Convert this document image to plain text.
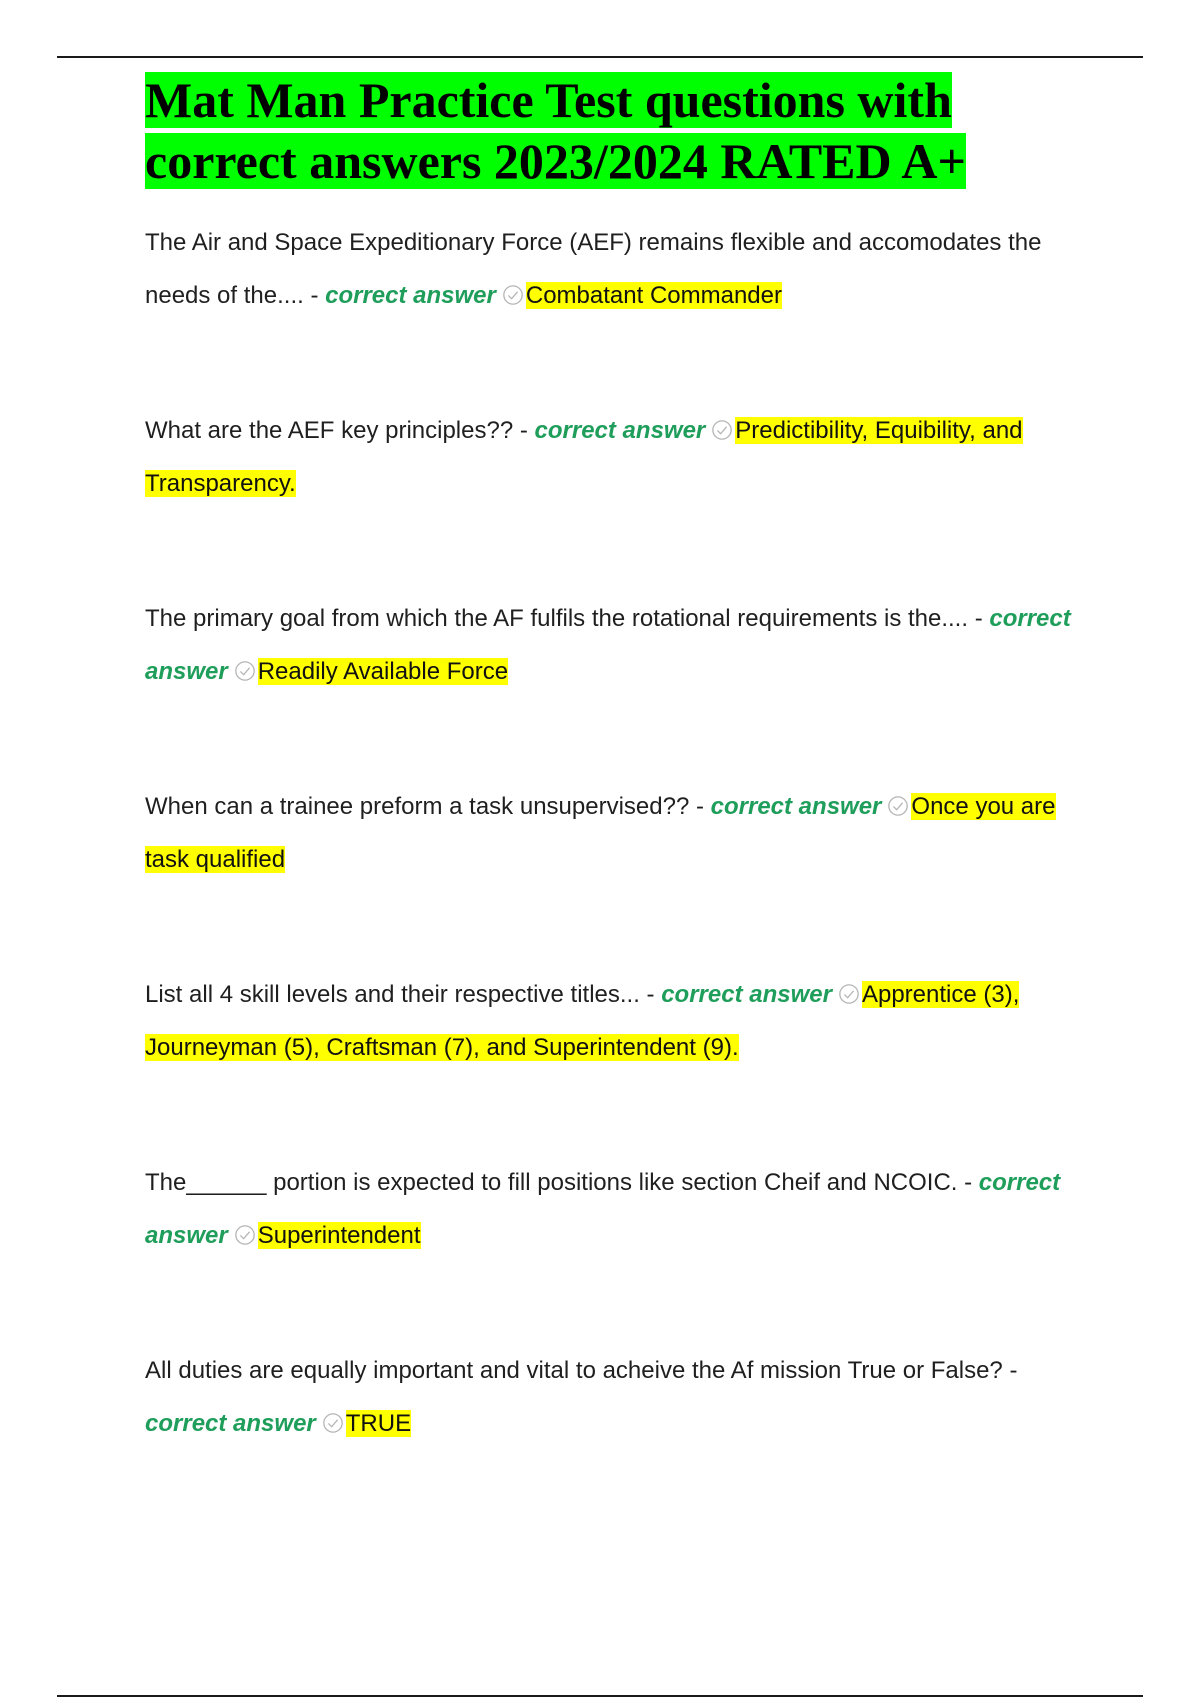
Mat Man Practice Test questions with
correct answers 2023/2024 RATED A+
The Air and Space Expeditionary Force (AEF) remains flexible and accomodates the needs of the.... - correct answer Combatant Commander
What are the AEF key principles?? - correct answer Predictibility, Equibility, and Transparency.
The primary goal from which the AF fulfils the rotational requirements is the.... - correct answer Readily Available Force
When can a trainee preform a task unsupervised?? - correct answer Once you are task qualified
List all 4 skill levels and their respective titles... - correct answer Apprentice (3), Journeyman (5), Craftsman (7), and Superintendent (9).
The______ portion is expected to fill positions like section Cheif and NCOIC. - correct answer Superintendent
All duties are equally important and vital to acheive the Af mission True or False? - correct answer TRUE
